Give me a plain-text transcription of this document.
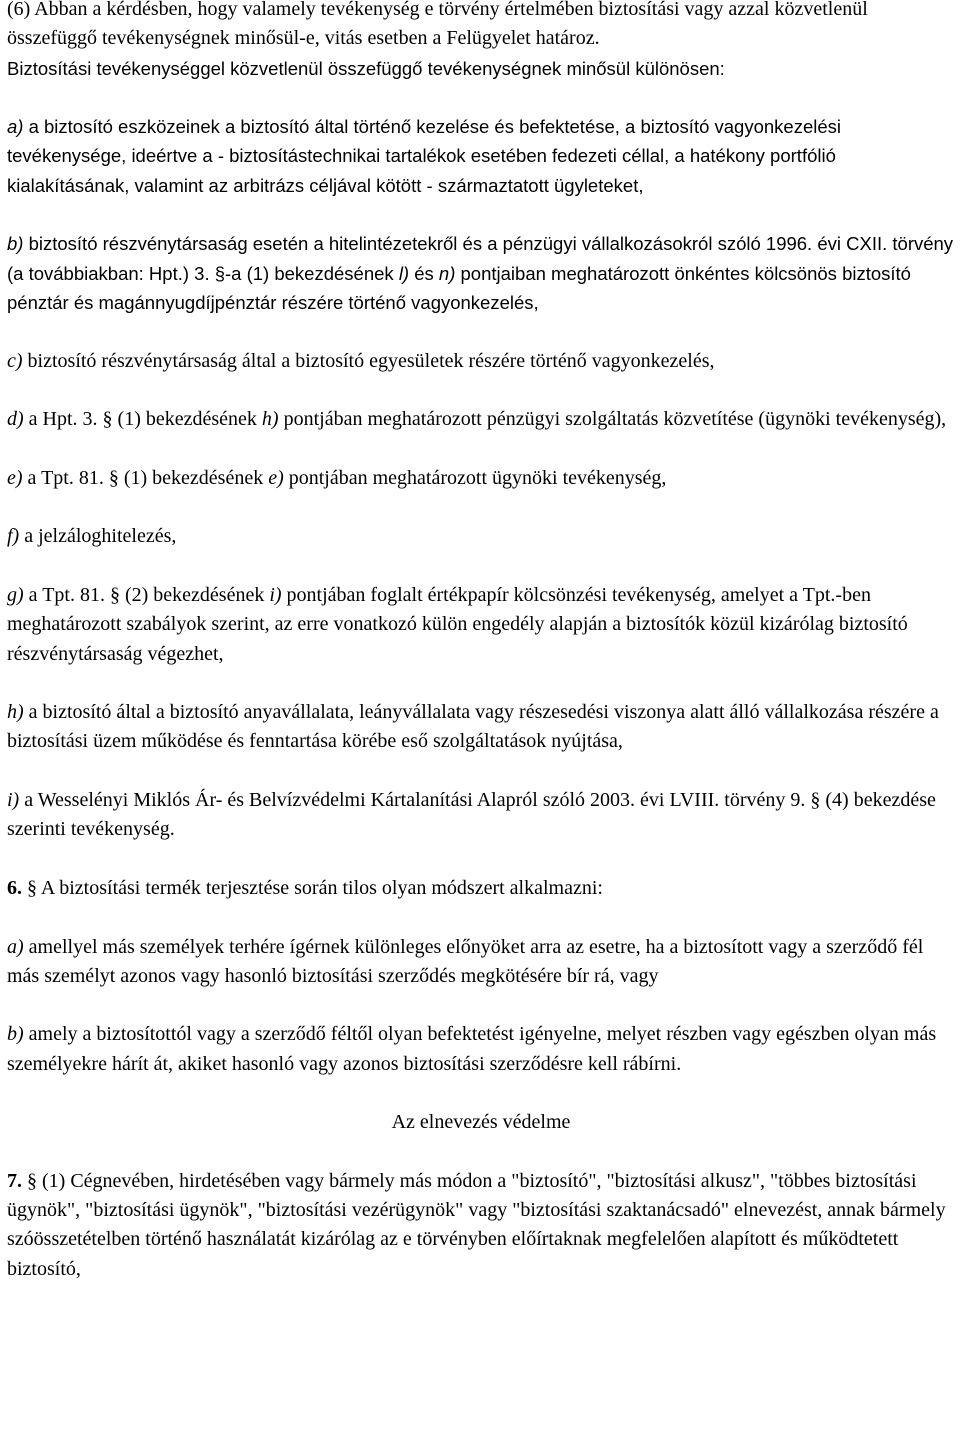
(6) Abban a kérdésben, hogy valamely tevékenység e törvény értelmében biztosítási vagy azzal közvetlenül összefüggő tevékenységnek minősül-e, vitás esetben a Felügyelet határoz.

Biztosítási tevékenységgel közvetlenül összefüggő tevékenységnek minősül különösen:

a) a biztosító eszközeinek a biztosító által történő kezelése és befektetése, a biztosító vagyonkezelési tevékenysége, ideértve a - biztosítástechnikai tartalékok esetében fedezeti céllal, a hatékony portfólió kialakításának, valamint az arbitrázs céljával kötött - származtatott ügyleteket,

b) biztosító részvénytársaság esetén a hitelintézetekről és a pénzügyi vállalkozásokról szóló 1996. évi CXII. törvény (a továbbiakban: Hpt.) 3. §-a (1) bekezdésének l) és n) pontjaiban meghatározott önkéntes kölcsönös biztosító pénztár és magánnyugdíjpénztár részére történő vagyonkezelés,

c) biztosító részvénytársaság által a biztosító egyesületek részére történő vagyonkezelés,

d) a Hpt. 3. § (1) bekezdésének h) pontjában meghatározott pénzügyi szolgáltatás közvetítése (ügynöki tevékenység),

e) a Tpt. 81. § (1) bekezdésének e) pontjában meghatározott ügynöki tevékenység,

f) a jelzáloghitelezés,

g) a Tpt. 81. § (2) bekezdésének i) pontjában foglalt értékpapír kölcsönzési tevékenység, amelyet a Tpt.-ben meghatározott szabályok szerint, az erre vonatkozó külön engedély alapján a biztosítók közül kizárólag biztosító részvénytársaság végezhet,

h) a biztosító által a biztosító anyavállalata, leányvállalata vagy részesedési viszonya alatt álló vállalkozása részére a biztosítási üzem működése és fenntartása körébe eső szolgáltatások nyújtása,

i) a Wesselényi Miklós Ár- és Belvízvédelmi Kártalanítási Alapról szóló 2003. évi LVIII. törvény 9. § (4) bekezdése szerinti tevékenység.

6. § A biztosítási termék terjesztése során tilos olyan módszert alkalmazni:

a) amellyel más személyek terhére ígérnek különleges előnyöket arra az esetre, ha a biztosított vagy a szerződő fél más személyt azonos vagy hasonló biztosítási szerződés megkötésére bír rá, vagy

b) amely a biztosítottól vagy a szerződő féltől olyan befektetést igényelne, melyet részben vagy egészben olyan más személyekre hárít át, akiket hasonló vagy azonos biztosítási szerződésre kell rábírni.

Az elnevezés védelme

7. § (1) Cégnevében, hirdetésében vagy bármely más módon a "biztosító", "biztosítási alkusz", "többes biztosítási ügynök", "biztosítási ügynök", "biztosítási vezérügynök" vagy "biztosítási szaktanácsadó" elnevezést, annak bármely szóösszetételben történő használatát kizárólag az e törvényben előírtaknak megfelelően alapított és működtetett biztosító,
